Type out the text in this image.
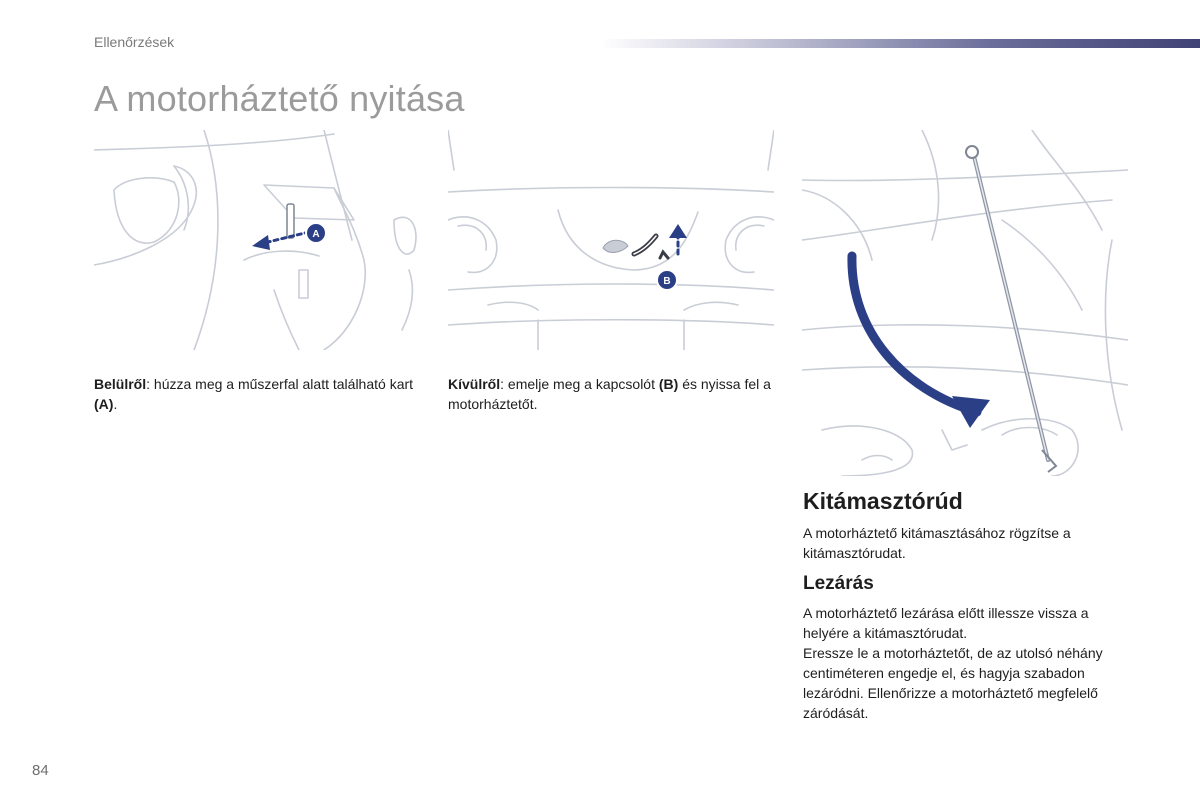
Ellenőrzések
A motorháztető nyitása
A
B

Belülről: húzza meg a műszerfal alatt található kart (A).

Kívülről: emelje meg a kapcsolót (B) és nyissa fel a motorháztetőt.

Kitámasztórúd

A motorháztető kitámasztásához rögzítse a kitámasztórudat.

Lezárás

A motorháztető lezárása előtt illessze vissza a helyére a kitámasztórudat.
Eressze le a motorháztetőt, de az utolsó néhány centiméteren engedje el, és hagyja szabadon lezáródni. Ellenőrizze a motorháztető megfelelő záródását.

84
